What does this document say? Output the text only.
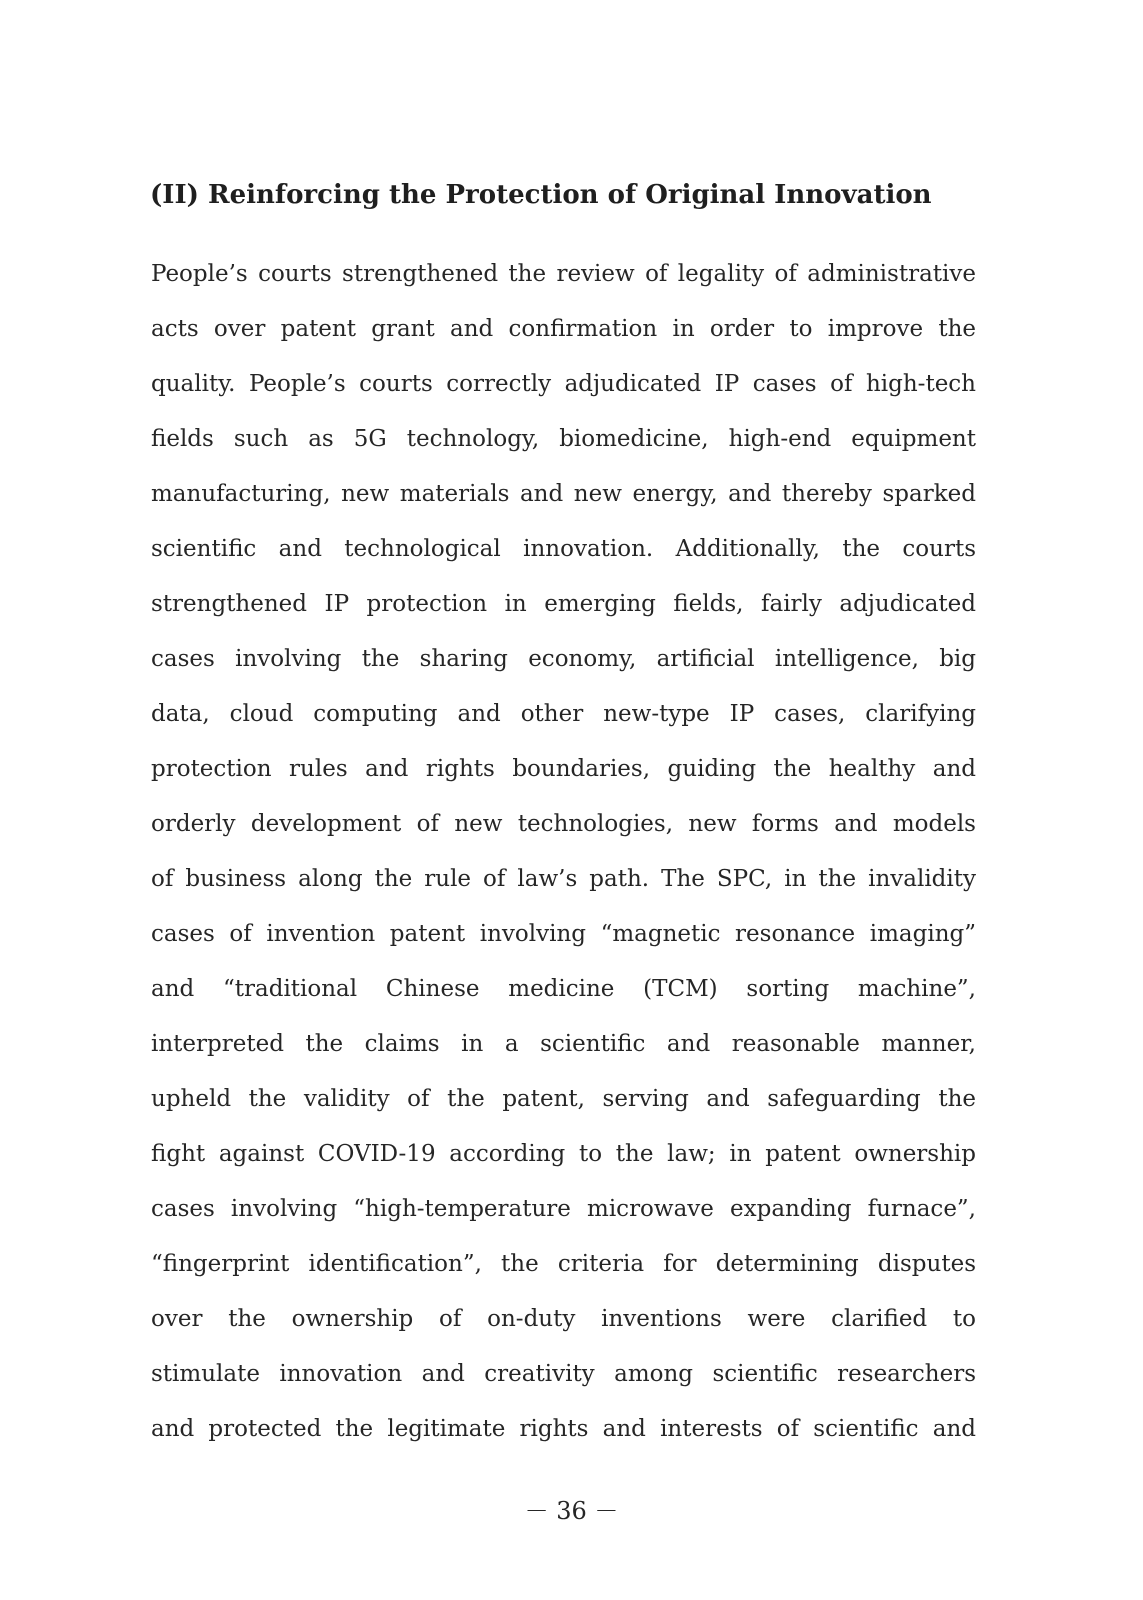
(II) Reinforcing the Protection of Original Innovation
People’s courts strengthened the review of legality of administrative
acts over patent grant and confirmation in order to improve the
quality. People’s courts correctly adjudicated IP cases of high-tech
fields such as 5G technology, biomedicine, high-end equipment
manufacturing, new materials and new energy, and thereby sparked
scientific and technological innovation. Additionally, the courts
strengthened IP protection in emerging fields, fairly adjudicated
cases involving the sharing economy, artificial intelligence, big
data, cloud computing and other new-type IP cases, clarifying
protection rules and rights boundaries, guiding the healthy and
orderly development of new technologies, new forms and models
of business along the rule of law’s path. The SPC, in the invalidity
cases of invention patent involving “magnetic resonance imaging”
and “traditional Chinese medicine (TCM) sorting machine”,
interpreted the claims in a scientific and reasonable manner,
upheld the validity of the patent, serving and safeguarding the
fight against COVID-19 according to the law; in patent ownership
cases involving “high-temperature microwave expanding furnace”,
“fingerprint identification”, the criteria for determining disputes
over the ownership of on-duty inventions were clarified to
stimulate innovation and creativity among scientific researchers
and protected the legitimate rights and interests of scientific and
－ 36 －
